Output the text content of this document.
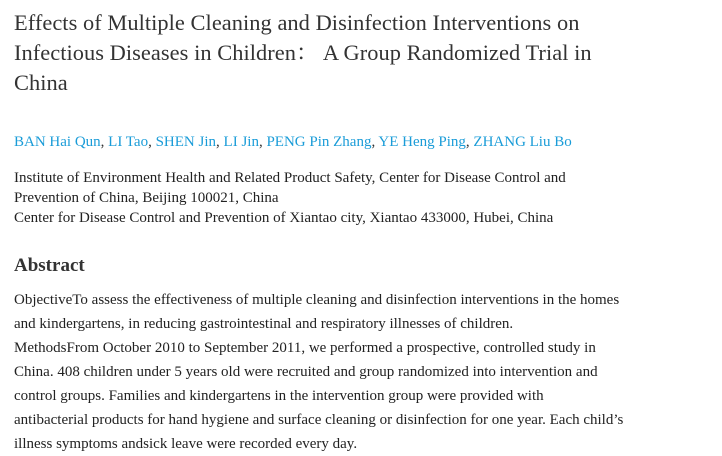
Effects of Multiple Cleaning and Disinfection Interventions on
Infectious Diseases in Children： A Group Randomized Trial in
China
BAN Hai Qun, LI Tao, SHEN Jin, LI Jin, PENG Pin Zhang, YE Heng Ping, ZHANG Liu Bo
Institute of Environment Health and Related Product Safety, Center for Disease Control and
Prevention of China, Beijing 100021, China
Center for Disease Control and Prevention of Xiantao city, Xiantao 433000, Hubei, China
Abstract
ObjectiveTo assess the effectiveness of multiple cleaning and disinfection interventions in the homes
and kindergartens, in reducing gastrointestinal and respiratory illnesses of children.
MethodsFrom October 2010 to September 2011, we performed a prospective, controlled study in
China. 408 children under 5 years old were recruited and group randomized into intervention and
control groups. Families and kindergartens in the intervention group were provided with
antibacterial products for hand hygiene and surface cleaning or disinfection for one year. Each child’s
illness symptoms andsick leave were recorded every day.
